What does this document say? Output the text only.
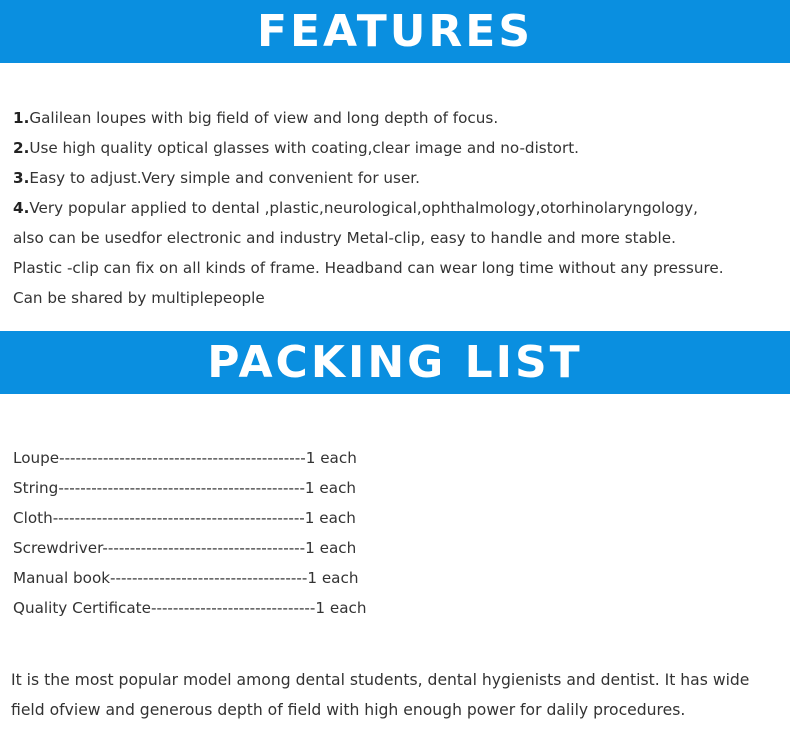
FEATURES
1.Galilean loupes with big field of view and long depth of focus.
2.Use high quality optical glasses with coating,clear image and no-distort.
3.Easy to adjust.Very simple and convenient for user.
4.Very popular applied to dental ,plastic,neurological,ophthalmology,otorhinolaryngology,
also can be usedfor electronic and industry Metal-clip, easy to handle and more stable.
Plastic -clip can fix on all kinds of frame. Headband can wear long time without any pressure.
Can be shared by multiplepeople
PACKING LIST
Loupe---------------------------------------------1 each
String---------------------------------------------1 each
Cloth----------------------------------------------1 each
Screwdriver-------------------------------------1 each
Manual book------------------------------------1 each
Quality Certificate------------------------------1 each
It is the most popular model among dental students, dental hygienists and dentist. It has wide
field ofview and generous depth of field with high enough power for dalily procedures.
